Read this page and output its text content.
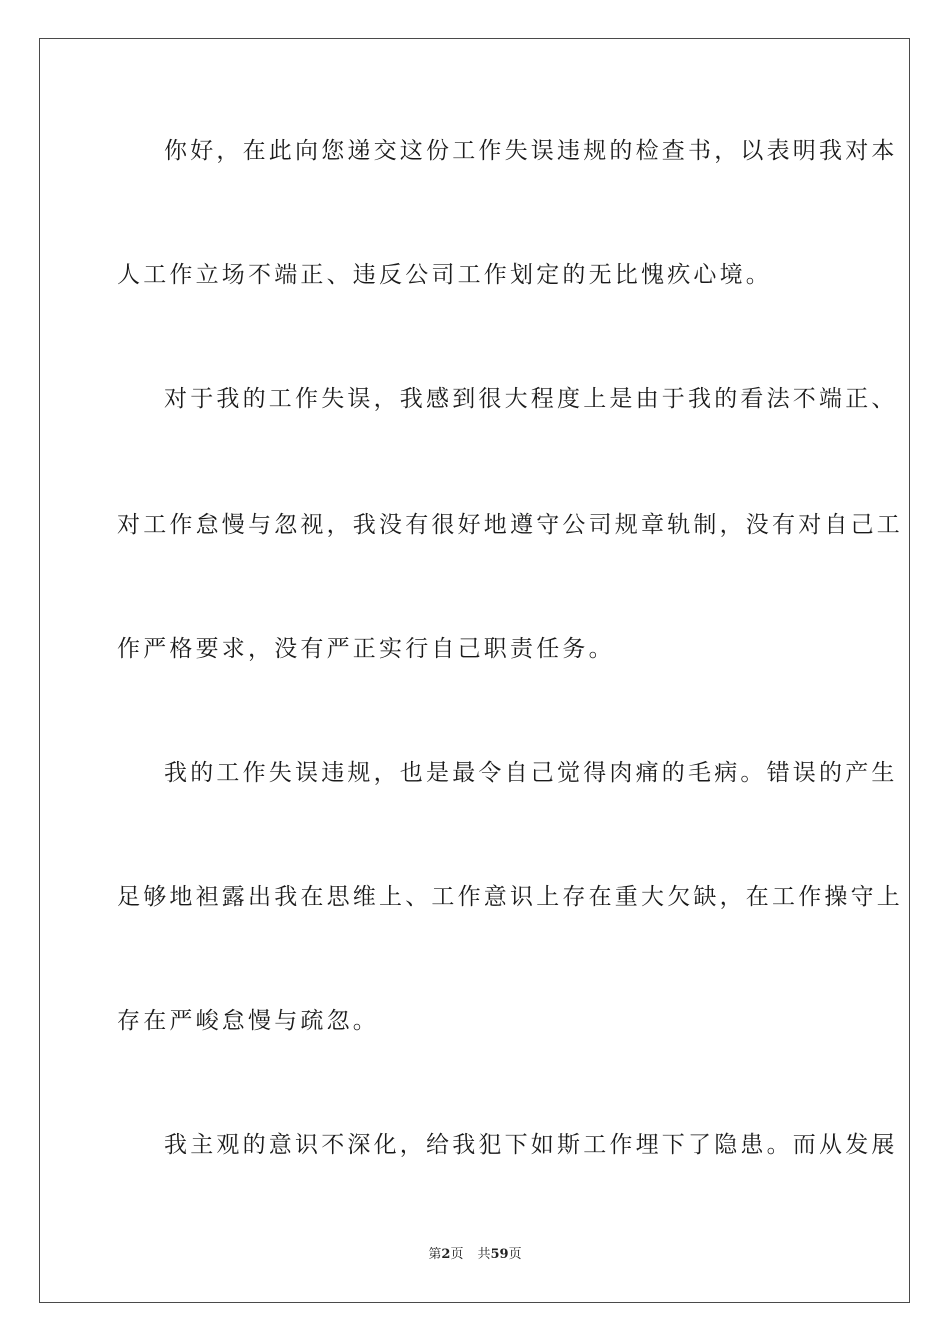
你好，在此向您递交这份工作失误违规的检查书，以表明我对本
人工作立场不端正、违反公司工作划定的无比愧疚心境。
对于我的工作失误，我感到很大程度上是由于我的看法不端正、
对工作怠慢与忽视，我没有很好地遵守公司规章轨制，没有对自己工
作严格要求，没有严正实行自己职责任务。
我的工作失误违规，也是最令自己觉得肉痛的毛病。错误的产生
足够地袒露出我在思维上、工作意识上存在重大欠缺，在工作操守上
存在严峻怠慢与疏忽。
我主观的意识不深化，给我犯下如斯工作埋下了隐患。而从发展
第2页 共59页
